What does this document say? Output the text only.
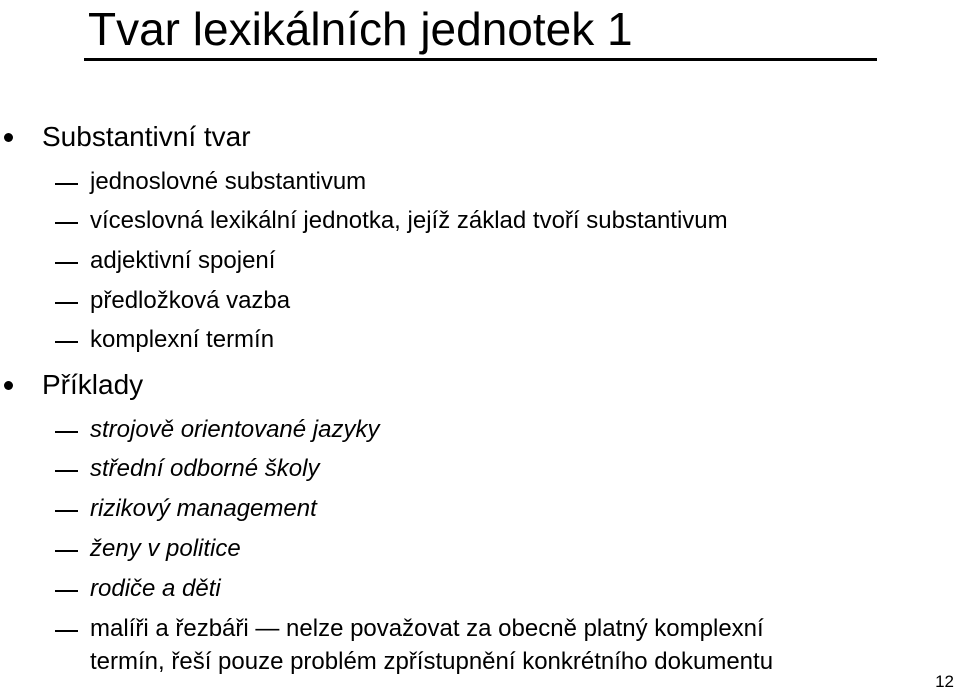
Tvar lexikálních jednotek 1
Substantivní tvar
jednoslovné substantivum
víceslovná lexikální jednotka, jejíž základ tvoří substantivum
adjektivní spojení
předložková vazba
komplexní termín
Příklady
strojově orientované jazyky
střední odborné školy
rizikový management
ženy v politice
rodiče a děti
malíři a řezbáři — nelze považovat za obecně platný komplexní
termín, řeší pouze problém zpřístupnění konkrétního dokumentu
12
